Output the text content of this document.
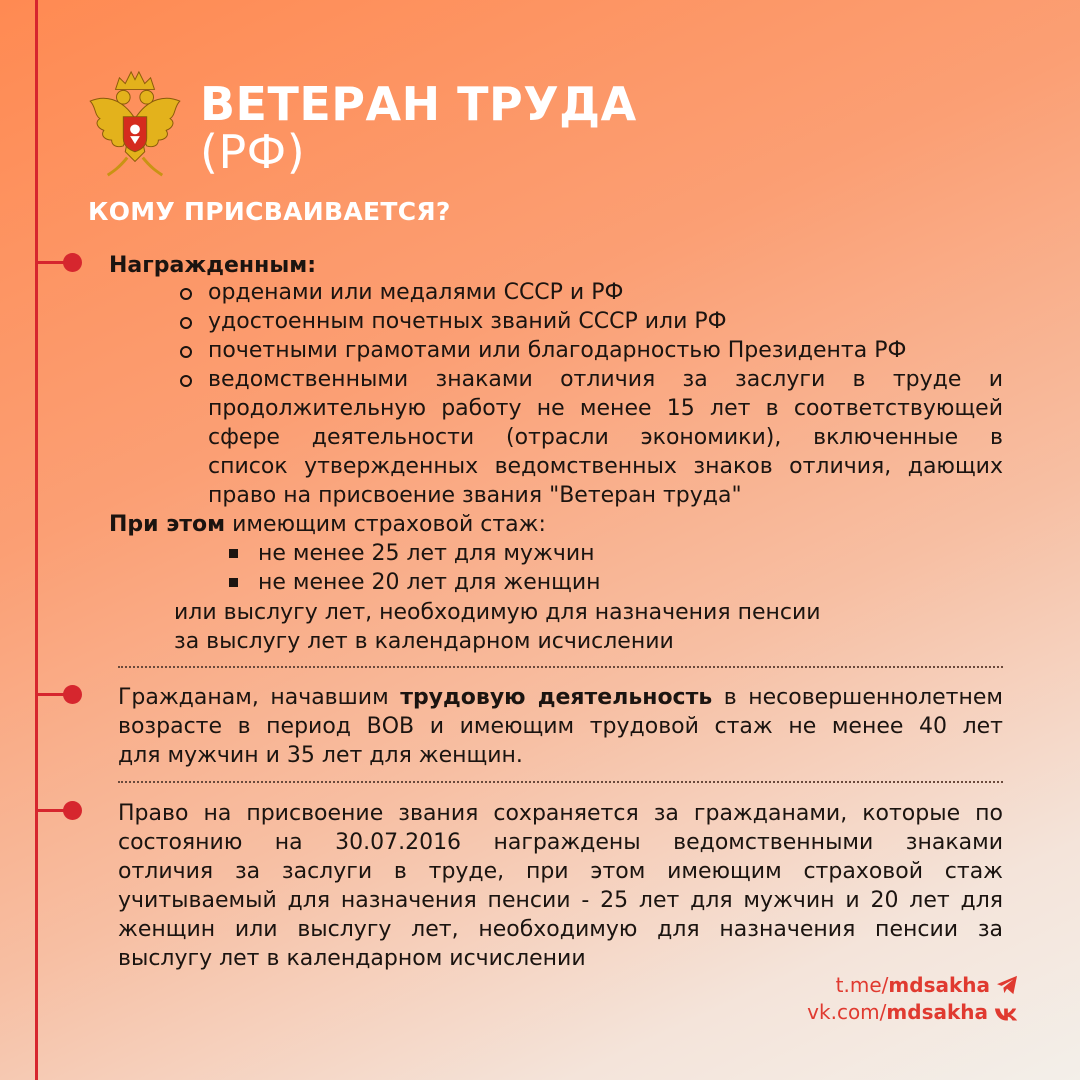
ВЕТЕРАН ТРУДА
(РФ)
КОМУ ПРИСВАИВАЕТСЯ?
Награжденным:
орденами или медалями СССР и РФ
удостоенным почетных званий СССР или РФ
почетными грамотами или благодарностью Президента РФ
ведомственными знаками отличия за заслуги в труде и
продолжительную работу не менее 15 лет в соответствующей
сфере деятельности (отрасли экономики), включенные в
список утвержденных ведомственных знаков отличия, дающих
право на присвоение звания "Ветеран труда"
При этом имеющим страховой стаж:
не менее 25 лет для мужчин
не менее 20 лет для женщин
или выслугу лет, необходимую для назначения пенсии
за выслугу лет в календарном исчислении
Гражданам, начавшим трудовую деятельность в несовершеннолетнем
возрасте в период ВОВ и имеющим трудовой стаж не менее 40 лет
для мужчин и 35 лет для женщин.
Право на присвоение звания сохраняется за гражданами, которые по
состоянию на 30.07.2016 награждены ведомственными знаками
отличия за заслуги в труде, при этом имеющим страховой стаж
учитываемый для назначения пенсии - 25 лет для мужчин и 20 лет для
женщин или выслугу лет, необходимую для назначения пенсии за
выслугу лет в календарном исчислении
t.me/mdsakha
vk.com/mdsakha
